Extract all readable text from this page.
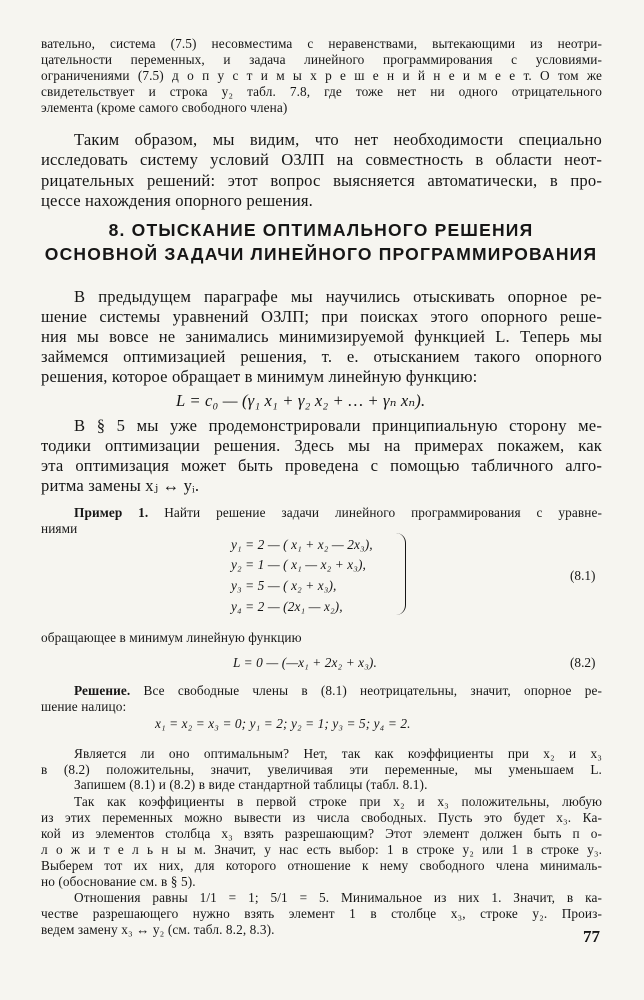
вательно, система (7.5) несовместима с неравенствами, вытекающими из неотри-
цательности переменных, и задача линейного программирования с условиями-
ограничениями (7.5) д о п у с т и м ы х р е ш е н и й н е и м е е т. О том же
свидетельствует и строка y₂ табл. 7.8, где тоже нет ни одного отрицательного
элемента (кроме самого свободного члена)
Таким образом, мы видим, что нет необходимости специально
исследовать систему условий ОЗЛП на совместность в области неот-
рицательных решений: этот вопрос выясняется автоматически, в про-
цессе нахождения опорного решения.
8. ОТЫСКАНИЕ ОПТИМАЛЬНОГО РЕШЕНИЯ
ОСНОВНОЙ ЗАДАЧИ ЛИНЕЙНОГО ПРОГРАММИРОВАНИЯ
В предыдущем параграфе мы научились отыскивать опорное ре-
шение системы уравнений ОЗЛП; при поисках этого опорного реше-
ния мы вовсе не занимались минимизируемой функцией L. Теперь мы
займемся оптимизацией решения, т. е. отысканием такого опорного
решения, которое обращает в минимум линейную функцию:
L = c₀ — (γ₁ x₁ + γ₂ x₂ + … + γₙ xₙ).
В § 5 мы уже продемонстрировали принципиальную сторону ме-
тодики оптимизации решения. Здесь мы на примерах покажем, как
эта оптимизация может быть проведена с помощью табличного алго-
ритма замены xⱼ ↔ yᵢ.
Пример 1. Найти решение задачи линейного программирования с уравне-
ниями
y₁ = 2 — ( x₁ + x₂ — 2x₃),
y₂ = 1 — ( x₁ — x₂ + x₃),
y₃ = 5 — ( x₂ + x₃),
y₄ = 2 — (2x₁ — x₂),
(8.1)
обращающее в минимум линейную функцию
L = 0 — (—x₁ + 2x₂ + x₃).	(8.2)
Решение. Все свободные члены в (8.1) неотрицательны, значит, опорное ре-
шение налицо:
x₁ = x₂ = x₃ = 0; y₁ = 2; y₂ = 1; y₃ = 5; y₄ = 2.
Является ли оно оптимальным? Нет, так как коэффициенты при x₂ и x₃
в (8.2) положительны, значит, увеличивая эти переменные, мы уменьшаем L.
Запишем (8.1) и (8.2) в виде стандартной таблицы (табл. 8.1).
Так как коэффициенты в первой строке при x₂ и x₃ положительны, любую
из этих переменных можно вывести из числа свободных. Пусть это будет x₃. Ка-
кой из элементов столбца x₃ взять разрешающим? Этот элемент должен быть п о-
л о ж и т е л ь н ы м. Значит, у нас есть выбор: 1 в строке y₂ или 1 в строке y₃.
Выберем тот их них, для которого отношение к нему свободного члена минималь-
но (обоснование см. в § 5).
Отношения равны 1/1 = 1; 5/1 = 5. Минимальное из них 1. Значит, в ка-
честве разрешающего нужно взять элемент 1 в столбце x₃, строке y₂. Произ-
ведем замену x₃ ↔ y₂ (см. табл. 8.2, 8.3).	77
